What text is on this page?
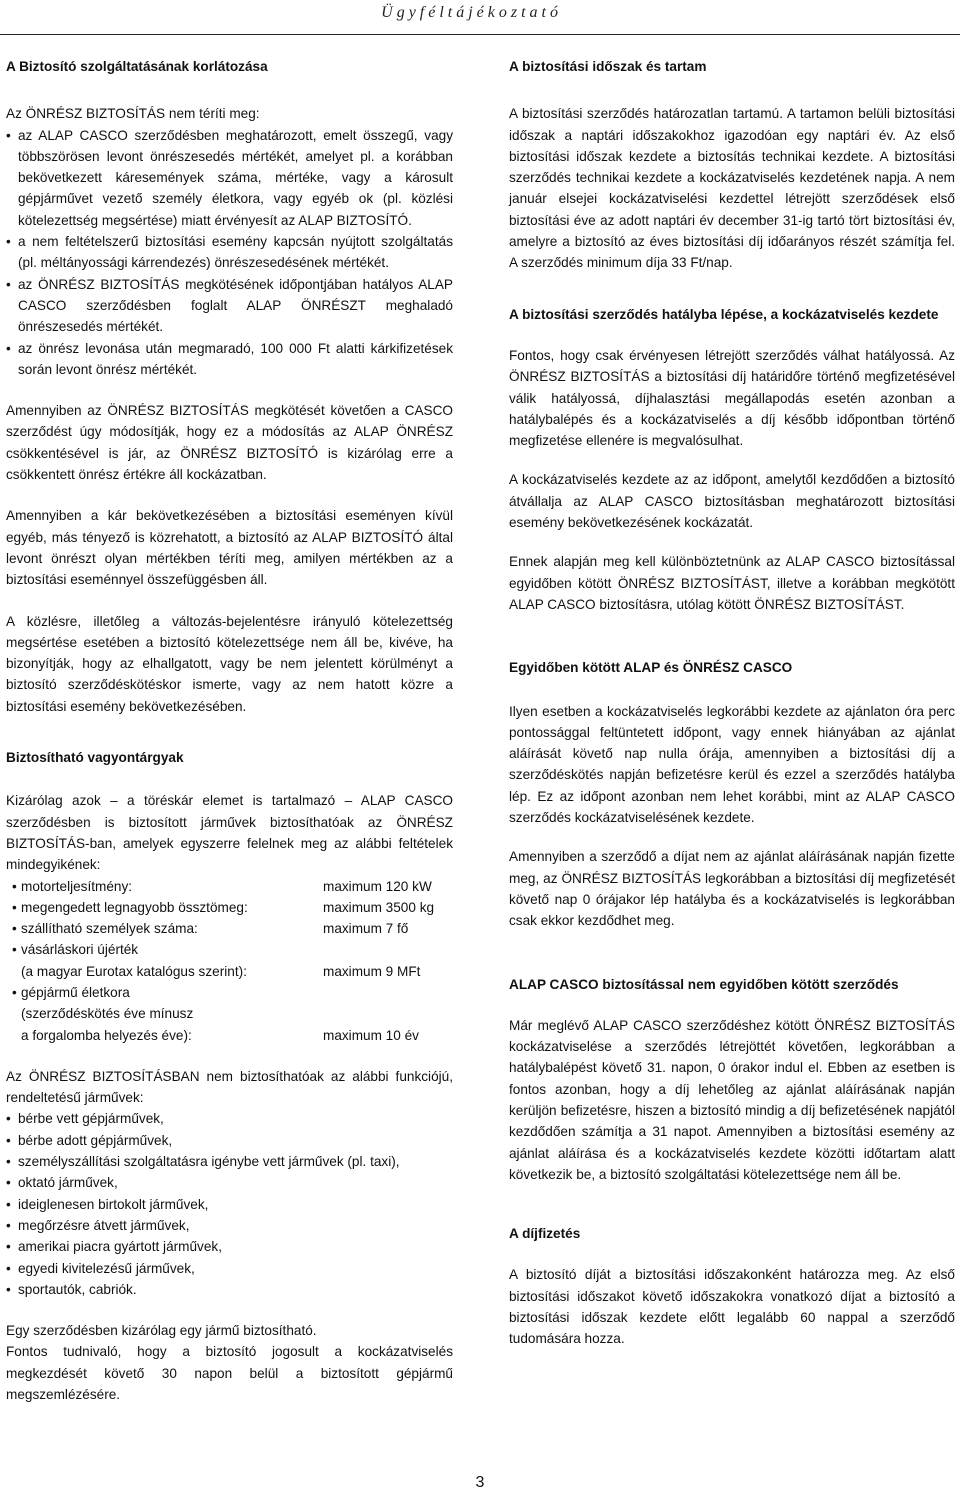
Ügyféltájékoztató
A Biztosító szolgáltatásának korlátozása

Az ÖNRÉSZ BIZTOSÍTÁS nem téríti meg:

• az ALAP CASCO szerződésben meghatározott, emelt összegű, vagy többszörösen levont önrészesedés mértékét, amelyet pl. a korábban bekövetkezett káresemények száma, mértéke, vagy a károsult gépjárművet vezető személy életkora, vagy egyéb ok (pl. közlési kötelezettség megsértése) miatt érvényesít az ALAP BIZTOSÍTÓ.
• a nem feltételszerű biztosítási esemény kapcsán nyújtott szolgáltatás (pl. méltányossági kárrendezés) önrészesedésének mértékét.
• az ÖNRÉSZ BIZTOSÍTÁS megkötésének időpontjában hatályos ALAP CASCO szerződésben foglalt ALAP ÖNRÉSZT meghaladó önrészesedés mértékét.
• az önrész levonása után megmaradó, 100 000 Ft alatti kárkifizetések során levont önrész mértékét.

Amennyiben az ÖNRÉSZ BIZTOSÍTÁS megkötését követően a CASCO szerződést úgy módosítják, hogy ez a módosítás az ALAP ÖNRÉSZ csökkentésével is jár, az ÖNRÉSZ BIZTOSÍTÓ is kizárólag erre a csökkentett önrész értékre áll kockázatban.

Amennyiben a kár bekövetkezésében a biztosítási eseményen kívül egyéb, más tényező is közrehatott, a biztosító az ALAP BIZTOSÍTÓ által levont önrészt olyan mértékben téríti meg, amilyen mértékben az a biztosítási eseménnyel összefüggésben áll.

A közlésre, illetőleg a változás-bejelentésre irányuló kötelezettség megsértése esetében a biztosító kötelezettsége nem áll be, kivéve, ha bizonyítják, hogy az elhallgatott, vagy be nem jelentett körülményt a biztosító szerződéskötéskor ismerte, vagy az nem hatott közre a biztosítási esemény bekövetkezésében.

Biztosítható vagyontárgyak

Kizárólag azok – a töréskár elemet is tartalmazó – ALAP CASCO szerződésben is biztosított járművek biztosíthatóak az ÖNRÉSZ BIZTOSÍTÁS-ban, amelyek egyszerre felelnek meg az alábbi feltételek mindegyikének:

• motorteljesítmény:	maximum 120 kW
• megengedett legnagyobb össztömeg:	maximum 3500 kg
• szállítható személyek száma:	maximum 7 fő
• vásárláskori újérték
(a magyar Eurotax katalógus szerint):	maximum 9 MFt
• gépjármű életkora
(szerződéskötés éve mínusz
a forgalomba helyezés éve):	maximum 10 év

Az ÖNRÉSZ BIZTOSÍTÁSBAN nem biztosíthatóak az alábbi funkciójú, rendeltetésű járművek:

• bérbe vett gépjárművek,
• bérbe adott gépjárművek,
• személyszállítási szolgáltatásra igénybe vett járművek (pl. taxi),
• oktató járművek,
• ideiglenesen birtokolt járművek,
• megőrzésre átvett járművek,
• amerikai piacra gyártott járművek,
• egyedi kivitelezésű járművek,
• sportautók, cabriók.

Egy szerződésben kizárólag egy jármű biztosítható.

Fontos tudnivaló, hogy a biztosító jogosult a kockázatviselés megkezdését követő 30 napon belül a biztosított gépjármű megszemlézésére.

A biztosítási időszak és tartam

A biztosítási szerződés határozatlan tartamú. A tartamon belüli biztosítási időszak a naptári időszakokhoz igazodóan egy naptári év. Az első biztosítási időszak kezdete a biztosítás technikai kezdete. A biztosítási szerződés technikai kezdete a kockázatviselés kezdetének napja. A nem január elsejei kockázatviselési kezdettel létrejött szerződések első biztosítási éve az adott naptári év december 31-ig tartó tört biztosítási év, amelyre a biztosító az éves biztosítási díj időarányos részét számítja fel. A szerződés minimum díja 33 Ft/nap.

A biztosítási szerződés hatályba lépése, a kockázatviselés kezdete

Fontos, hogy csak érvényesen létrejött szerződés válhat hatályossá. Az ÖNRÉSZ BIZTOSÍTÁS a biztosítási díj határidőre történő megfizetésével válik hatályossá, díjhalasztási megállapodás esetén azonban a hatálybalépés és a kockázatviselés a díj később időpontban történő megfizetése ellenére is megvalósulhat.

A kockázatviselés kezdete az az időpont, amelytől kezdődően a biztosító átvállalja az ALAP CASCO biztosításban meghatározott biztosítási esemény bekövetkezésének kockázatát.

Ennek alapján meg kell különböztetnünk az ALAP CASCO biztosítással egyidőben kötött ÖNRÉSZ BIZTOSÍTÁST, illetve a korábban megkötött ALAP CASCO biztosításra, utólag kötött ÖNRÉSZ BIZTOSÍTÁST.

Egyidőben kötött ALAP és ÖNRÉSZ CASCO

Ilyen esetben a kockázatviselés legkorábbi kezdete az ajánlaton óra perc pontossággal feltüntetett időpont, vagy ennek hiányában az ajánlat aláírását követő nap nulla órája, amennyiben a biztosítási díj a szerződéskötés napján befizetésre kerül és ezzel a szerződés hatályba lép. Ez az időpont azonban nem lehet korábbi, mint az ALAP CASCO szerződés kockázatviselésének kezdete.

Amennyiben a szerződő a díjat nem az ajánlat aláírásának napján fizette meg, az ÖNRÉSZ BIZTOSÍTÁS legkorábban a biztosítási díj megfizetését követő nap 0 órájakor lép hatályba és a kockázatviselés is legkorábban csak ekkor kezdődhet meg.

ALAP CASCO biztosítással nem egyidőben kötött szerződés

Már meglévő ALAP CASCO szerződéshez kötött ÖNRÉSZ BIZTOSÍTÁS kockázatviselése a szerződés létrejöttét követően, legkorábban a hatálybalépést követő 31. napon, 0 órakor indul el. Ebben az esetben is fontos azonban, hogy a díj lehetőleg az ajánlat aláírásának napján kerüljön befizetésre, hiszen a biztosító mindig a díj befizetésének napjától kezdődően számítja a 31 napot. Amennyiben a biztosítási esemény az ajánlat aláírása és a kockázatviselés kezdete közötti időtartam alatt következik be, a biztosító szolgáltatási kötelezettsége nem áll be.

A díjfizetés

A biztosító díját a biztosítási időszakonként határozza meg. Az első biztosítási időszakot követő időszakokra vonatkozó díjat a biztosító a biztosítási időszak kezdete előtt legalább 60 nappal a szerződő tudomására hozza.

3
